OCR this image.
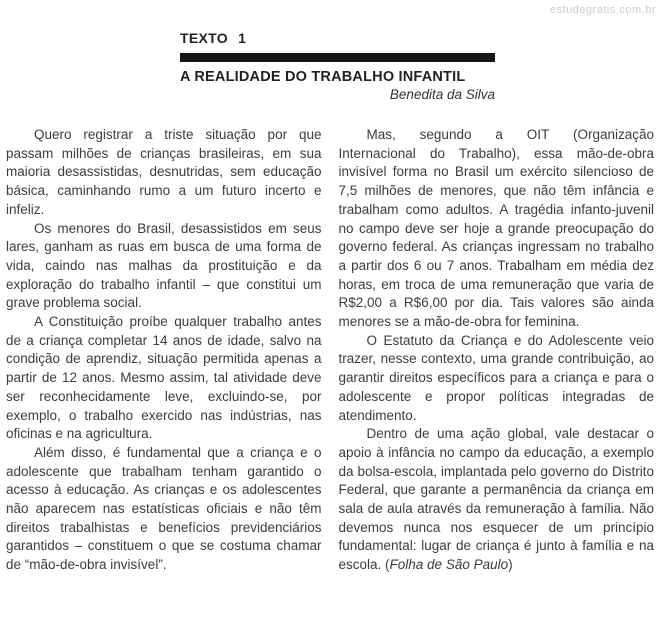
estudegratis.com.br
TEXTO 1
A REALIDADE DO TRABALHO INFANTIL
Benedita da Silva

Quero registrar a triste situação por que passam milhões de crianças brasileiras, em sua maioria desassistidas, desnutridas, sem educação básica, caminhando rumo a um futuro incerto e infeliz.

Os menores do Brasil, desassistidos em seus lares, ganham as ruas em busca de uma forma de vida, caindo nas malhas da prostituição e da exploração do trabalho infantil – que constitui um grave problema social.

A Constituição proíbe qualquer trabalho antes de a criança completar 14 anos de idade, salvo na condição de aprendiz, situação permitida apenas a partir de 12 anos. Mesmo assim, tal atividade deve ser reconhecidamente leve, excluindo-se, por exemplo, o trabalho exercido nas indústrias, nas oficinas e na agricultura.

Além disso, é fundamental que a criança e o adolescente que trabalham tenham garantido o acesso à educação. As crianças e os adolescentes não aparecem nas estatísticas oficiais e não têm direitos trabalhistas e benefícios previdenciários garantidos – constituem o que se costuma chamar de “mão-de-obra invisível”.

Mas, segundo a OIT (Organização Internacional do Trabalho), essa mão-de-obra invisível forma no Brasil um exército silencioso de 7,5 milhões de menores, que não têm infância e trabalham como adultos. A tragédia infanto-juvenil no campo deve ser hoje a grande preocupação do governo federal. As crianças ingressam no trabalho a partir dos 6 ou 7 anos. Trabalham em média dez horas, em troca de uma remuneração que varia de R$2,00 a R$6,00 por dia. Tais valores são ainda menores se a mão-de-obra for feminina.

O Estatuto da Criança e do Adolescente veio trazer, nesse contexto, uma grande contribuição, ao garantir direitos específicos para a criança e para o adolescente e propor políticas integradas de atendimento.

Dentro de uma ação global, vale destacar o apoio à infância no campo da educação, a exemplo da bolsa-escola, implantada pelo governo do Distrito Federal, que garante a permanência da criança em sala de aula através da remuneração à família. Não devemos nunca nos esquecer de um princípio fundamental: lugar de criança é junto à família e na escola. (Folha de São Paulo)
